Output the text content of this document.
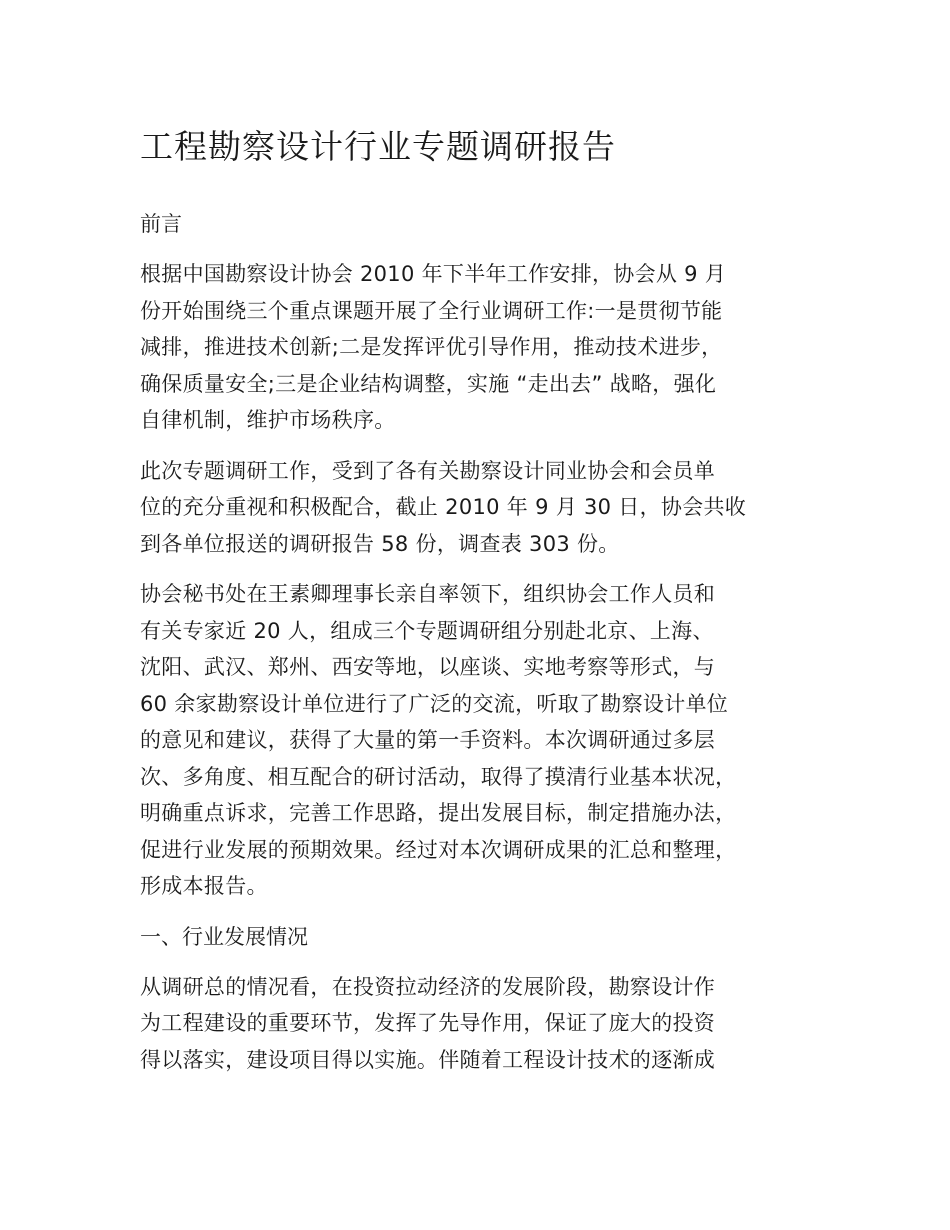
工程勘察设计行业专题调研报告
前言

根据中国勘察设计协会 2010 年下半年工作安排，协会从 9 月
份开始围绕三个重点课题开展了全行业调研工作:一是贯彻节能
减排，推进技术创新;二是发挥评优引导作用，推动技术进步，
确保质量安全;三是企业结构调整，实施 “走出去” 战略，强化
自律机制，维护市场秩序。

此次专题调研工作，受到了各有关勘察设计同业协会和会员单
位的充分重视和积极配合，截止 2010 年 9 月 30 日，协会共收
到各单位报送的调研报告 58 份，调查表 303 份。

协会秘书处在王素卿理事长亲自率领下，组织协会工作人员和
有关专家近 20 人，组成三个专题调研组分别赴北京、上海、
沈阳、武汉、郑州、西安等地，以座谈、实地考察等形式，与
60 余家勘察设计单位进行了广泛的交流，听取了勘察设计单位
的意见和建议，获得了大量的第一手资料。本次调研通过多层
次、多角度、相互配合的研讨活动，取得了摸清行业基本状况，
明确重点诉求，完善工作思路，提出发展目标，制定措施办法，
促进行业发展的预期效果。经过对本次调研成果的汇总和整理，
形成本报告。

一、行业发展情况

从调研总的情况看，在投资拉动经济的发展阶段，勘察设计作
为工程建设的重要环节，发挥了先导作用，保证了庞大的投资
得以落实，建设项目得以实施。伴随着工程设计技术的逐渐成
